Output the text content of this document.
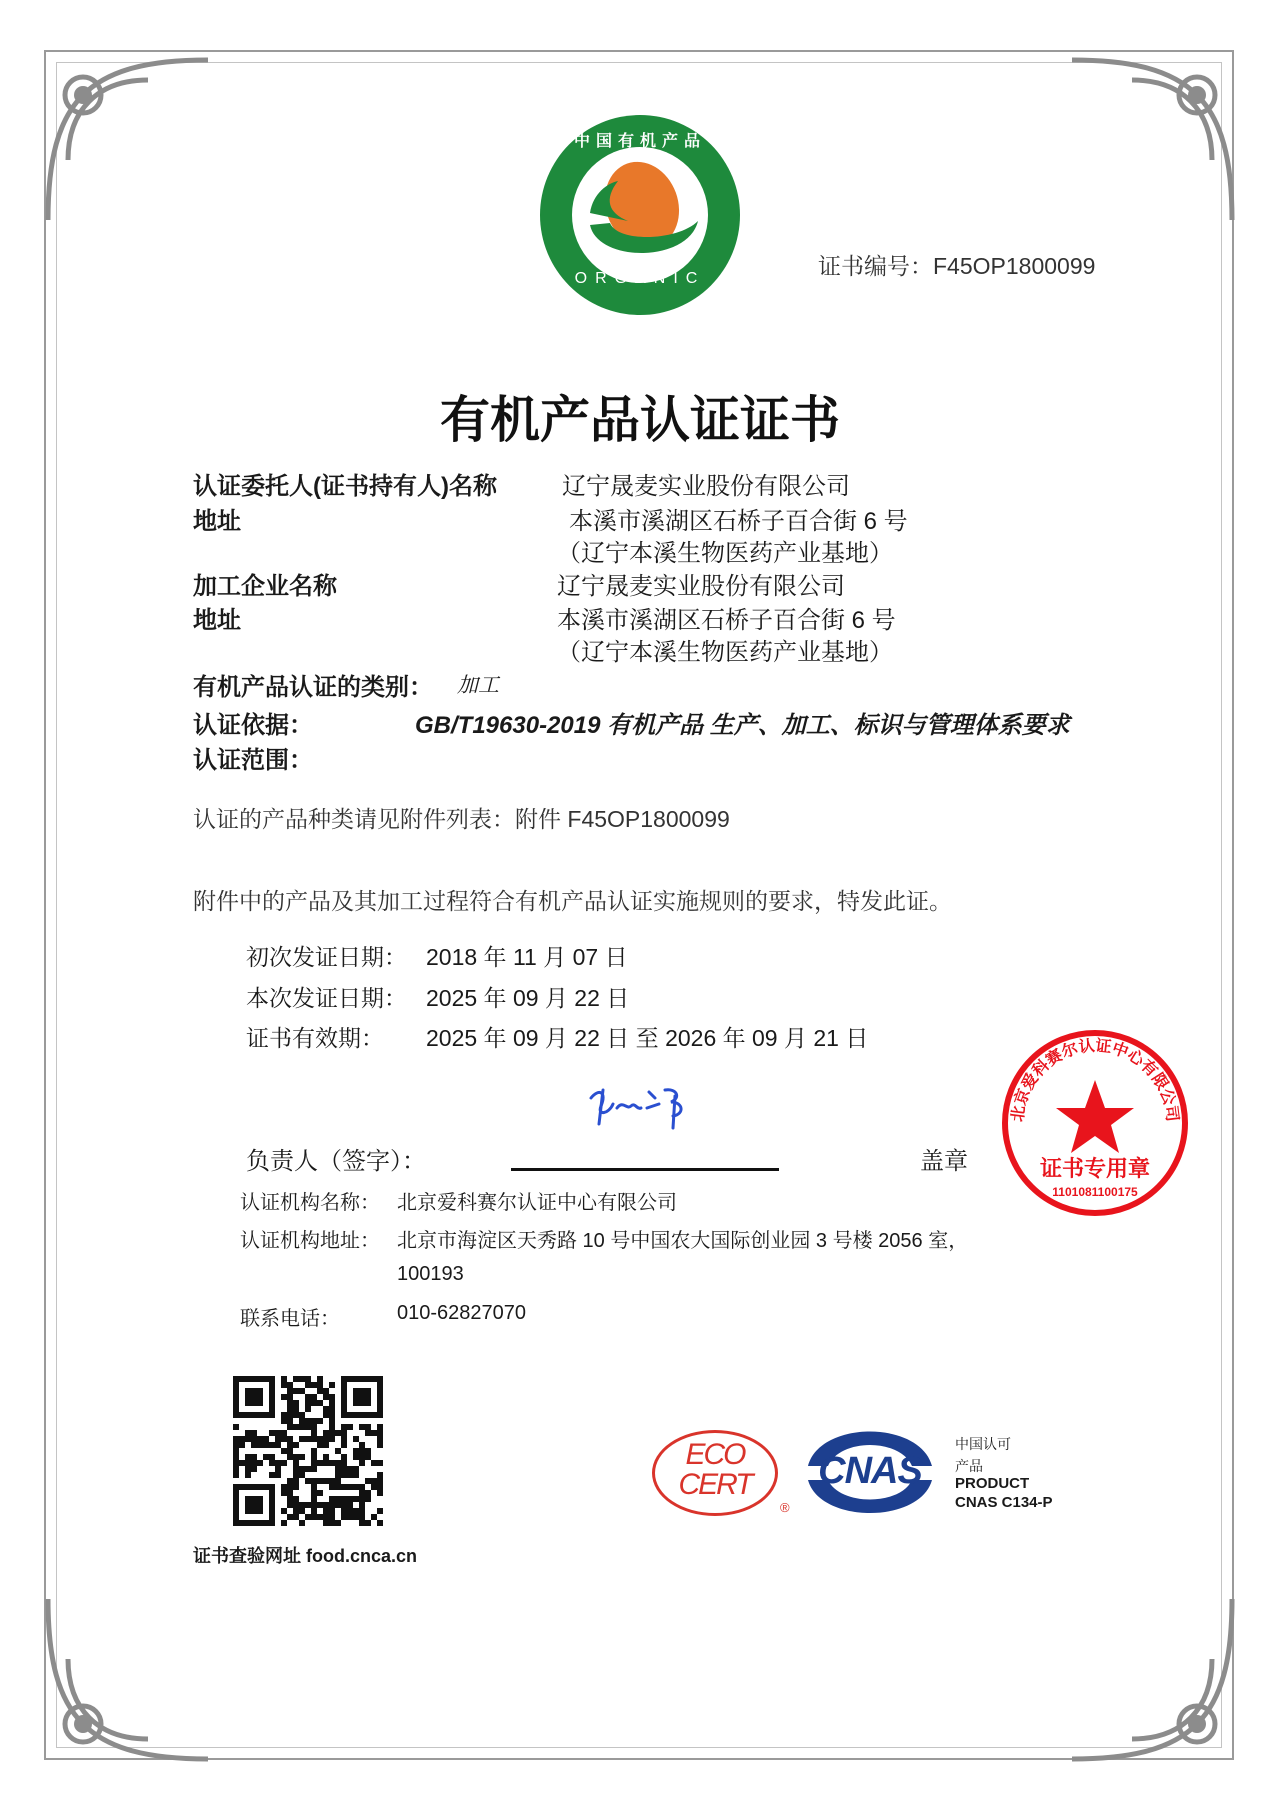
中国有机产品
ORGANIC	证书编号：F45OP1800099
有机产品认证证书
认证委托人(证书持有人)名称	辽宁晟麦实业股份有限公司
地址	本溪市溪湖区石桥子百合街 6 号
（辽宁本溪生物医药产业基地）
加工企业名称	辽宁晟麦实业股份有限公司
地址	本溪市溪湖区石桥子百合街 6 号
（辽宁本溪生物医药产业基地）
有机产品认证的类别： 加工
认证依据：	GB/T19630-2019 有机产品 生产、加工、标识与管理体系要求
认证范围：
认证的产品种类请见附件列表：附件 F45OP1800099
附件中的产品及其加工过程符合有机产品认证实施规则的要求，特发此证。
初次发证日期： 2018 年 11 月 07 日
本次发证日期： 2025 年 09 月 22 日
证书有效期： 2025 年 09 月 22 日 至 2026 年 09 月 21 日
负责人（签字）：	盖章
认证机构名称： 北京爱科赛尔认证中心有限公司
认证机构地址： 北京市海淀区天秀路 10 号中国农大国际创业园 3 号楼 2056 室，
100193
联系电话：	010-62827070
北京爱科赛尔认证中心有限公司
证书专用章
1101081100175
证书查验网址 food.cnca.cn
ECO
CERT
®
CNAS
中国认可
产品
PRODUCT
CNAS C134-P
